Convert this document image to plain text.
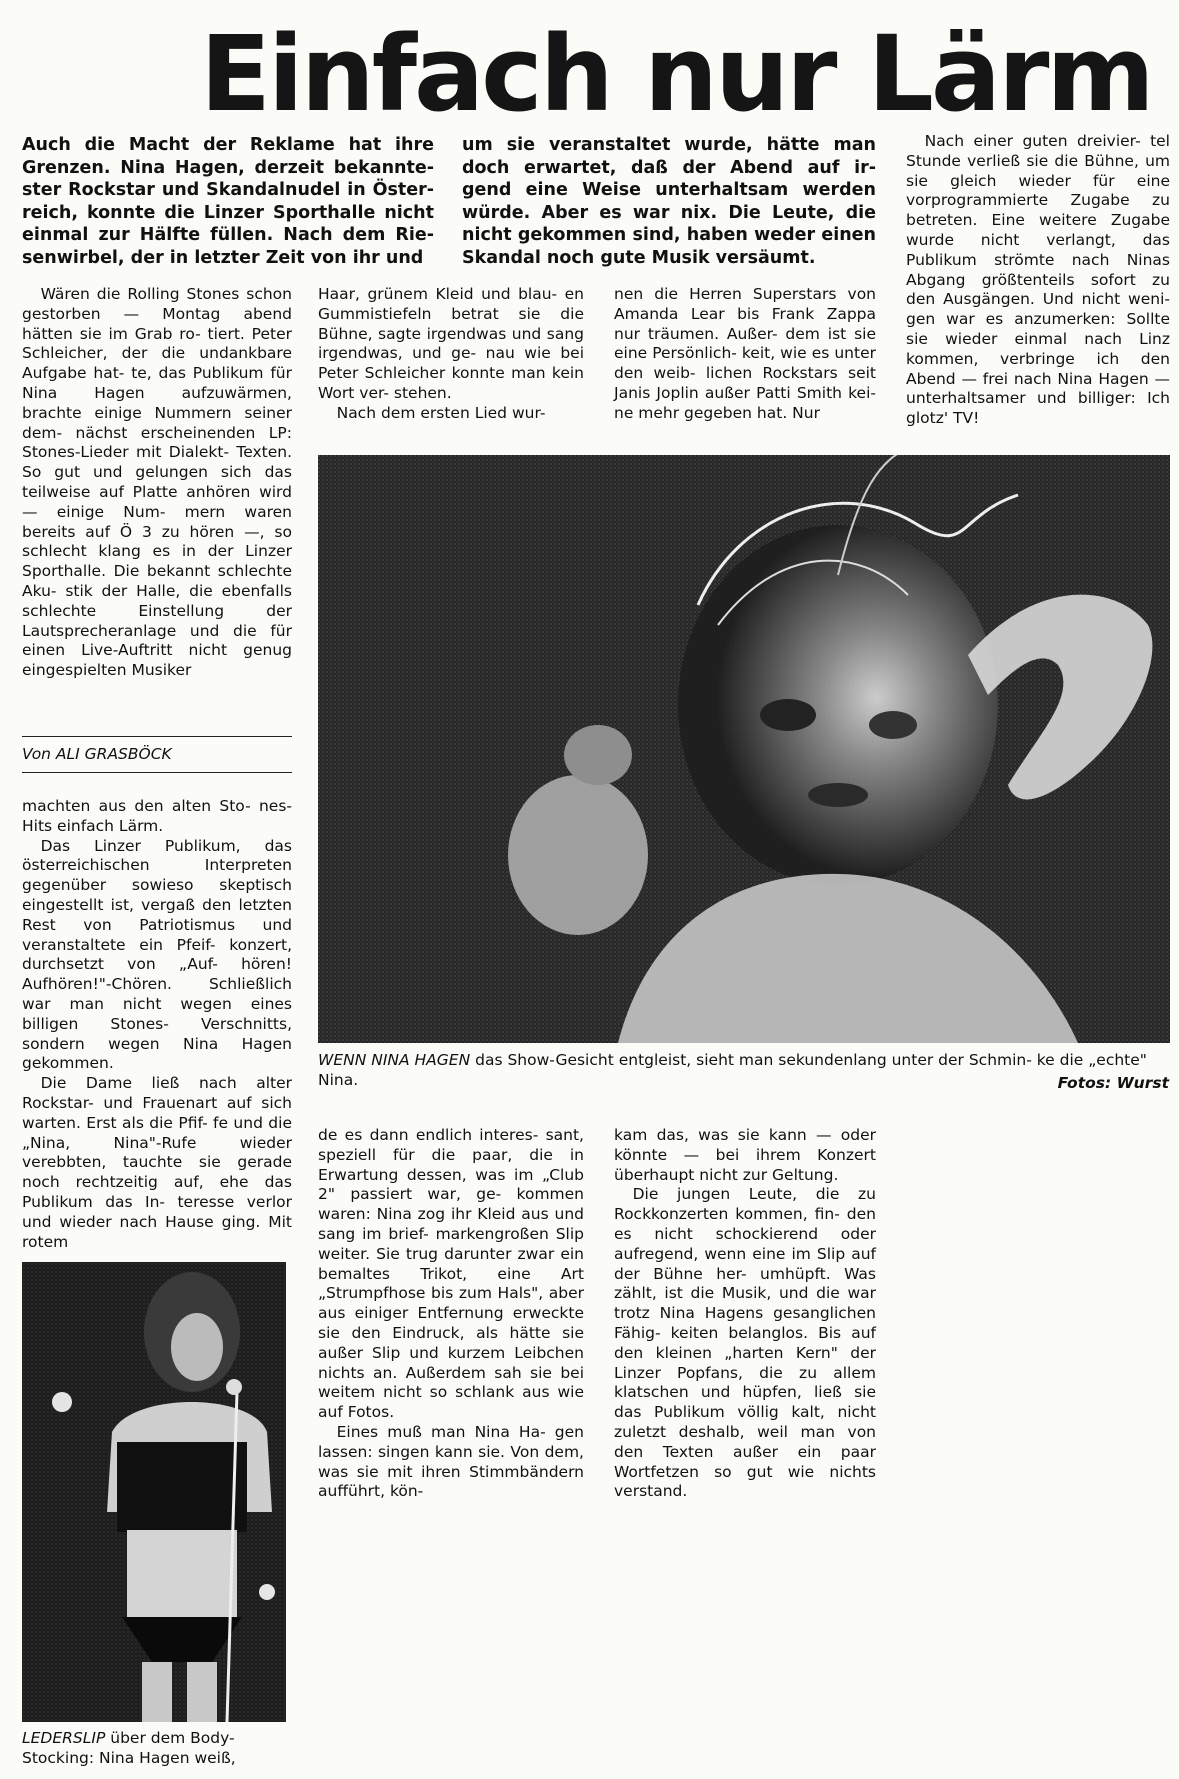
Einfach nur Lärm

Auch die Macht der Reklame hat ihre Grenzen. Nina Hagen, derzeit bekannte- ster Rockstar und Skandalnudel in Öster- reich, konnte die Linzer Sporthalle nicht einmal zur Hälfte füllen. Nach dem Rie- senwirbel, der in letzter Zeit von ihr und

um sie veranstaltet wurde, hätte man doch erwartet, daß der Abend auf ir- gend eine Weise unterhaltsam werden würde. Aber es war nix. Die Leute, die nicht gekommen sind, haben weder einen Skandal noch gute Musik versäumt.

Wären die Rolling Stones schon gestorben — Montag abend hätten sie im Grab ro- tiert. Peter Schleicher, der die undankbare Aufgabe hat- te, das Publikum für Nina Hagen aufzuwärmen, brachte einige Nummern seiner dem- nächst erscheinenden LP: Stones-Lieder mit Dialekt- Texten. So gut und gelungen sich das teilweise auf Platte anhören wird — einige Num- mern waren bereits auf Ö 3 zu hören —, so schlecht klang es in der Linzer Sporthalle. Die bekannt schlechte Aku- stik der Halle, die ebenfalls schlechte Einstellung der Lautsprecheranlage und die für einen Live-Auftritt nicht genug eingespielten Musiker

Von ALI GRASBÖCK

machten aus den alten Sto- nes-Hits einfach Lärm.

Das Linzer Publikum, das österreichischen Interpreten gegenüber sowieso skeptisch eingestellt ist, vergaß den letzten Rest von Patriotismus und veranstaltete ein Pfeif- konzert, durchsetzt von „Auf- hören! Aufhören!"-Chören. Schließlich war man nicht wegen eines billigen Stones- Verschnitts, sondern wegen Nina Hagen gekommen.

Die Dame ließ nach alter Rockstar- und Frauenart auf sich warten. Erst als die Pfif- fe und die „Nina, Nina"-Rufe wieder verebbten, tauchte sie gerade noch rechtzeitig auf, ehe das Publikum das In- teresse verlor und wieder nach Hause ging. Mit rotem

Haar, grünem Kleid und blau- en Gummistiefeln betrat sie die Bühne, sagte irgendwas und sang irgendwas, und ge- nau wie bei Peter Schleicher konnte man kein Wort ver- stehen.

Nach dem ersten Lied wur-

nen die Herren Superstars von Amanda Lear bis Frank Zappa nur träumen. Außer- dem ist sie eine Persönlich- keit, wie es unter den weib- lichen Rockstars seit Janis Joplin außer Patti Smith kei- ne mehr gegeben hat. Nur

Nach einer guten dreivier- tel Stunde verließ sie die Bühne, um sie gleich wieder für eine vorprogrammierte Zugabe zu betreten. Eine weitere Zugabe wurde nicht verlangt, das Publikum strömte nach Ninas Abgang größtenteils sofort zu den Ausgängen. Und nicht weni- gen war es anzumerken: Sollte sie wieder einmal nach Linz kommen, verbringe ich den Abend — frei nach Nina Hagen — unterhaltsamer und billiger: Ich glotz' TV!

WENN NINA HAGEN das Show-Gesicht entgleist, sieht man sekundenlang unter der Schmin- ke die „echte" Nina.	Fotos: Wurst

de es dann endlich interes- sant, speziell für die paar, die in Erwartung dessen, was im „Club 2" passiert war, ge- kommen waren: Nina zog ihr Kleid aus und sang im brief- markengroßen Slip weiter. Sie trug darunter zwar ein bemaltes Trikot, eine Art „Strumpfhose bis zum Hals", aber aus einiger Entfernung erweckte sie den Eindruck, als hätte sie außer Slip und kurzem Leibchen nichts an. Außerdem sah sie bei weitem nicht so schlank aus wie auf Fotos.

Eines muß man Nina Ha- gen lassen: singen kann sie. Von dem, was sie mit ihren Stimmbändern aufführt, kön-

kam das, was sie kann — oder könnte — bei ihrem Konzert überhaupt nicht zur Geltung.

Die jungen Leute, die zu Rockkonzerten kommen, fin- den es nicht schockierend oder aufregend, wenn eine im Slip auf der Bühne her- umhüpft. Was zählt, ist die Musik, und die war trotz Nina Hagens gesanglichen Fähig- keiten belanglos. Bis auf den kleinen „harten Kern" der Linzer Popfans, die zu allem klatschen und hüpfen, ließ sie das Publikum völlig kalt, nicht zuletzt deshalb, weil man von den Texten außer ein paar Wortfetzen so gut wie nichts verstand.

LEDERSLIP über dem Body- Stocking: Nina Hagen weiß,
